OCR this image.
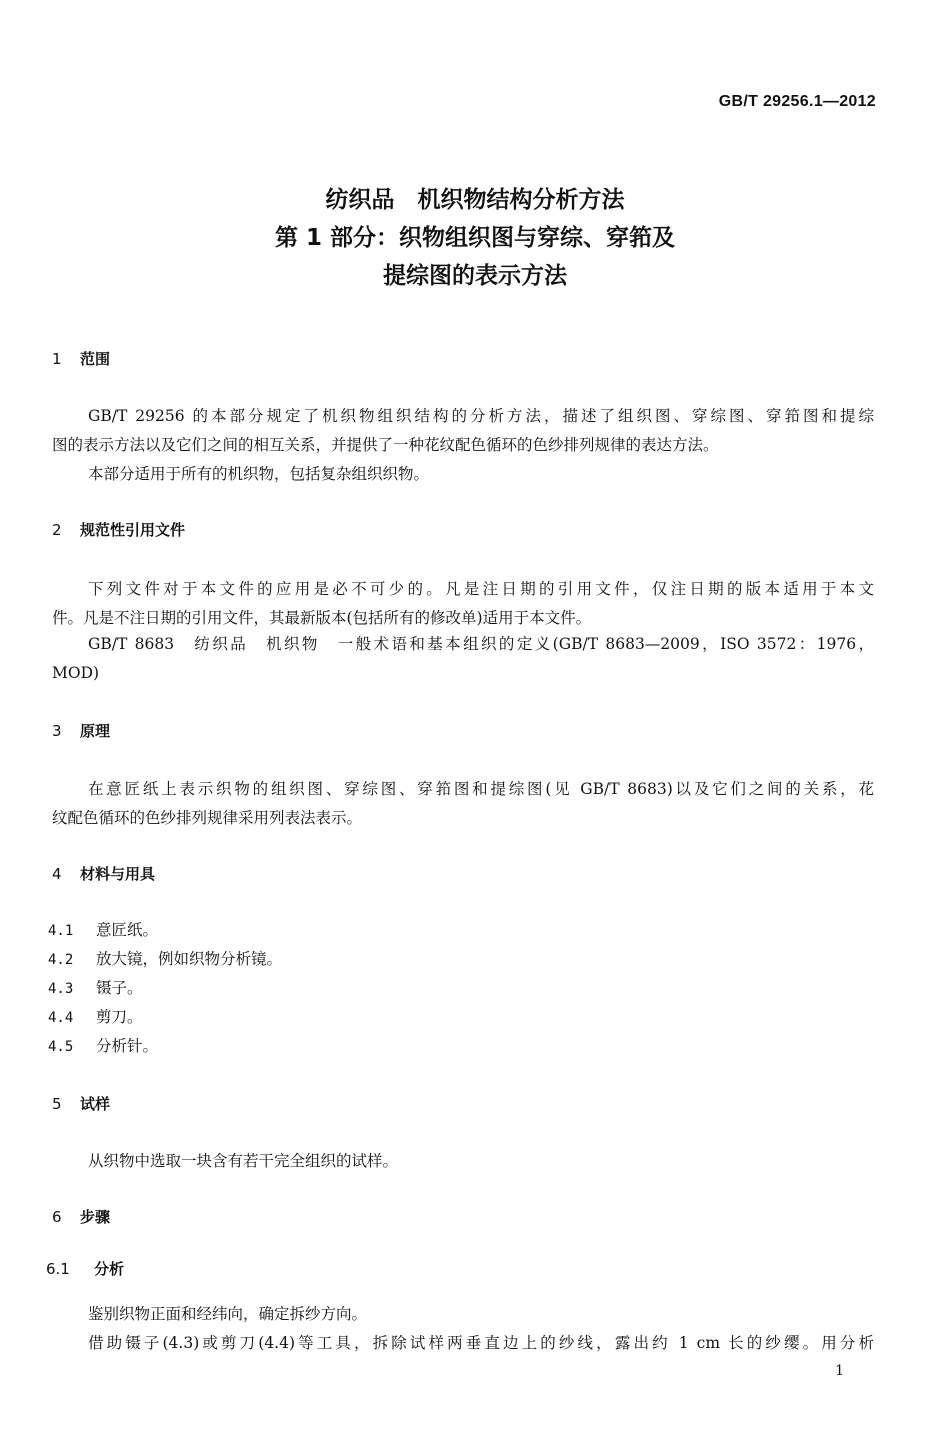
GB/T 29256.1—2012
纺织品　机织物结构分析方法
第 1 部分：织物组织图与穿综、穿筘及
提综图的表示方法
1 范围
GB/T 29256 的本部分规定了机织物组织结构的分析方法，描述了组织图、穿综图、穿筘图和提综
图的表示方法以及它们之间的相互关系，并提供了一种花纹配色循环的色纱排列规律的表达方法。
本部分适用于所有的机织物，包括复杂组织织物。
2 规范性引用文件
下列文件对于本文件的应用是必不可少的。凡是注日期的引用文件，仅注日期的版本适用于本文
件。凡是不注日期的引用文件，其最新版本(包括所有的修改单)适用于本文件。
GB/T 8683　纺织品　机织物　一般术语和基本组织的定义(GB/T 8683—2009，ISO 3572：1976，
MOD)
3 原理
在意匠纸上表示织物的组织图、穿综图、穿筘图和提综图(见 GB/T 8683)以及它们之间的关系，花
纹配色循环的色纱排列规律采用列表法表示。
4 材料与用具
4.1 意匠纸。
4.2 放大镜，例如织物分析镜。
4.3 镊子。
4.4 剪刀。
4.5 分析针。
5 试样
从织物中选取一块含有若干完全组织的试样。
6 步骤
6.1 分析
鉴别织物正面和经纬向，确定拆纱方向。
借助镊子(4.3)或剪刀(4.4)等工具，拆除试样两垂直边上的纱线，露出约 1 cm 长的纱缨。用分析
1
